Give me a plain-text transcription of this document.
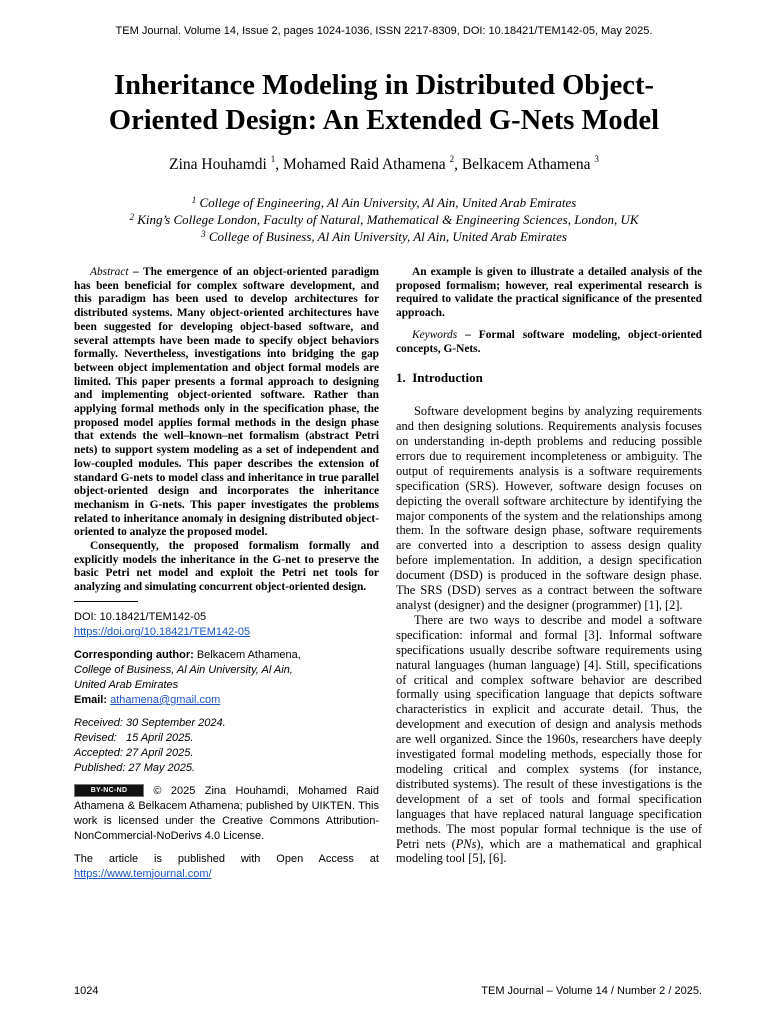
TEM Journal. Volume 14, Issue 2, pages 1024-1036, ISSN 2217-8309, DOI: 10.18421/TEM142-05, May 2025.
Inheritance Modeling in Distributed Object-
Oriented Design: An Extended G-Nets Model
Zina Houhamdi $^1$, Mohamed Raid Athamena $^2$, Belkacem Athamena $^3$
$^1$ College of Engineering, Al Ain University, Al Ain, United Arab Emirates
$^2$ King’s College London, Faculty of Natural, Mathematical & Engineering Sciences, London, UK
$^3$ College of Business, Al Ain University, Al Ain, United Arab Emirates

Abstract – The emergence of an object-oriented paradigm has been beneficial for complex software development, and this paradigm has been used to develop architectures for distributed systems. Many object-oriented architectures have been suggested for developing object-based software, and several attempts have been made to specify object behaviors formally. Nevertheless, investigations into bridging the gap between object implementation and object formal models are limited. This paper presents a formal approach to designing and implementing object-oriented software. Rather than applying formal methods only in the specification phase, the proposed model applies formal methods in the design phase that extends the well–known–net formalism (abstract Petri nets) to support system modeling as a set of independent and low-coupled modules. This paper describes the extension of standard G-nets to model class and inheritance in true parallel object-oriented design and incorporates the inheritance mechanism in G-nets. This paper investigates the problems related to inheritance anomaly in designing distributed object-oriented to analyze the proposed model.

Consequently, the proposed formalism formally and explicitly models the inheritance in the G-net to preserve the basic Petri net model and exploit the Petri net tools for analyzing and simulating concurrent object-oriented design.

DOI: 10.18421/TEM142-05
https://doi.org/10.18421/TEM142-05
Corresponding author: Belkacem Athamena,
College of Business, Al Ain University, Al Ain,
United Arab Emirates
Email: athamena@gmail.com
Received: 30 September 2024.
Revised:   15 April 2025.
Accepted: 27 April 2025.
Published: 27 May 2025.

BY-NC-ND © 2025 Zina Houhamdi, Mohamed Raid Athamena & Belkacem Athamena; published by UIKTEN. This work is licensed under the Creative Commons Attribution-NonCommercial-NoDerivs 4.0 License.

The article is published with Open Access at https://www.temjournal.com/

An example is given to illustrate a detailed analysis of the proposed formalism; however, real experimental research is required to validate the practical significance of the presented approach.

Keywords – Formal software modeling, object-oriented concepts, G-Nets.

1.  Introduction

Software development begins by analyzing requirements and then designing solutions. Requirements analysis focuses on understanding in-depth problems and reducing possible errors due to requirement incompleteness or ambiguity. The output of requirements analysis is a software requirements specification (SRS). However, software design focuses on depicting the overall software architecture by identifying the major components of the system and the relationships among them. In the software design phase, software requirements are converted into a description to assess design quality before implementation. In addition, a design specification document (DSD) is produced in the software design phase. The SRS (DSD) serves as a contract between the software analyst (designer) and the designer (programmer) [1], [2].

There are two ways to describe and model a software specification: informal and formal [3]. Informal software specifications usually describe software requirements using natural languages (human language) [4]. Still, specifications of critical and complex software behavior are described formally using specification language that depicts software characteristics in explicit and accurate detail. Thus, the development and execution of design and analysis methods are well organized. Since the 1960s, researchers have deeply investigated formal modeling methods, especially those for modeling critical and complex systems (for instance, distributed systems). The result of these investigations is the development of a set of tools and formal specification languages that have replaced natural language specification methods. The most popular formal technique is the use of Petri nets (PNs), which are a mathematical and graphical modeling tool [5], [6].

1024	TEM Journal – Volume 14 / Number 2 / 2025.
